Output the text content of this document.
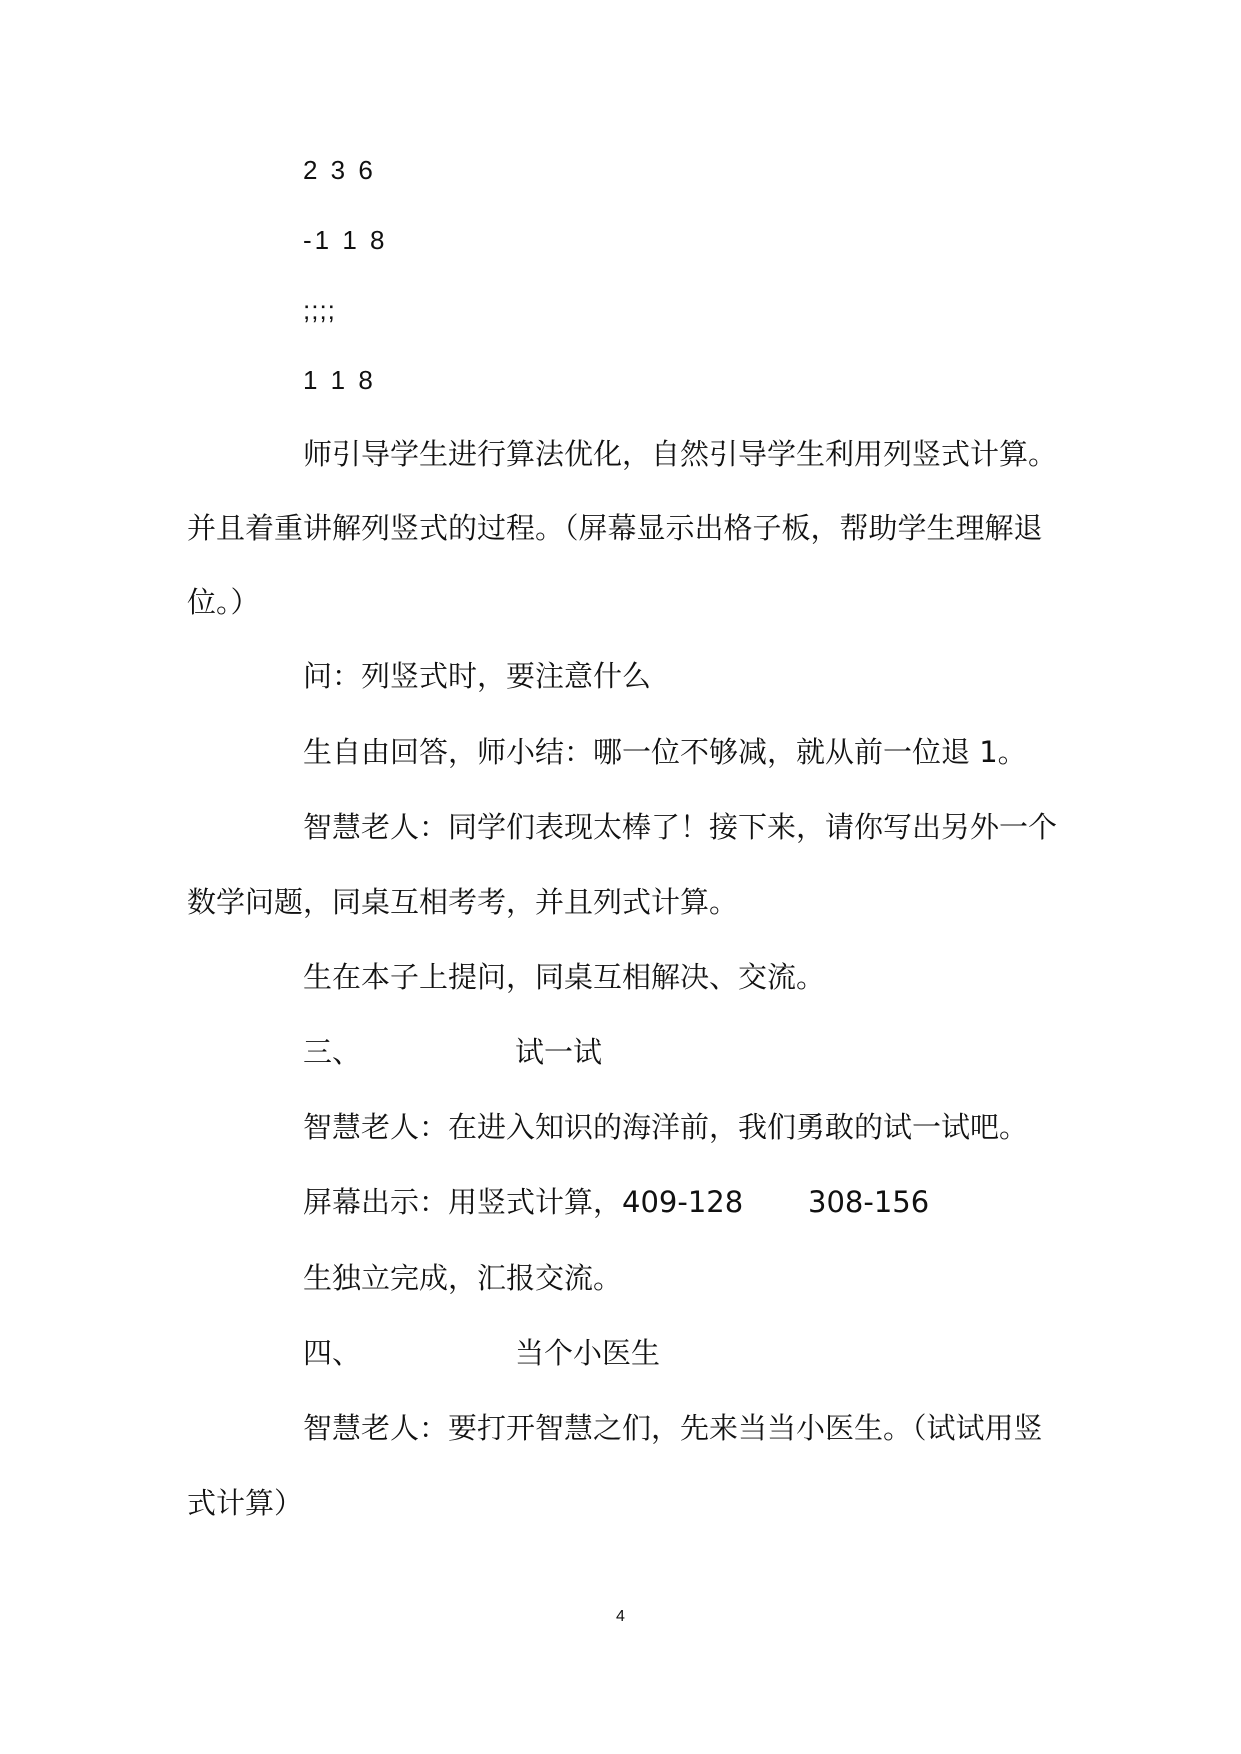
2 3 6
-1 1 8
;;;;
1 1 8
师引导学生进行算法优化，自然引导学生利用列竖式计算。
并且着重讲解列竖式的过程。（屏幕显示出格子板，帮助学生理解退
位。）
问：列竖式时，要注意什么
生自由回答，师小结：哪一位不够减，就从前一位退 1。
智慧老人：同学们表现太棒了！接下来，请你写出另外一个
数学问题，同桌互相考考，并且列式计算。
生在本子上提问，同桌互相解决、交流。
三、	试一试
智慧老人：在进入知识的海洋前，我们勇敢的试一试吧。
屏幕出示：用竖式计算，409-128 308-156
生独立完成，汇报交流。
四、	当个小医生
智慧老人：要打开智慧之们，先来当当小医生。（试试用竖
式计算）
4
